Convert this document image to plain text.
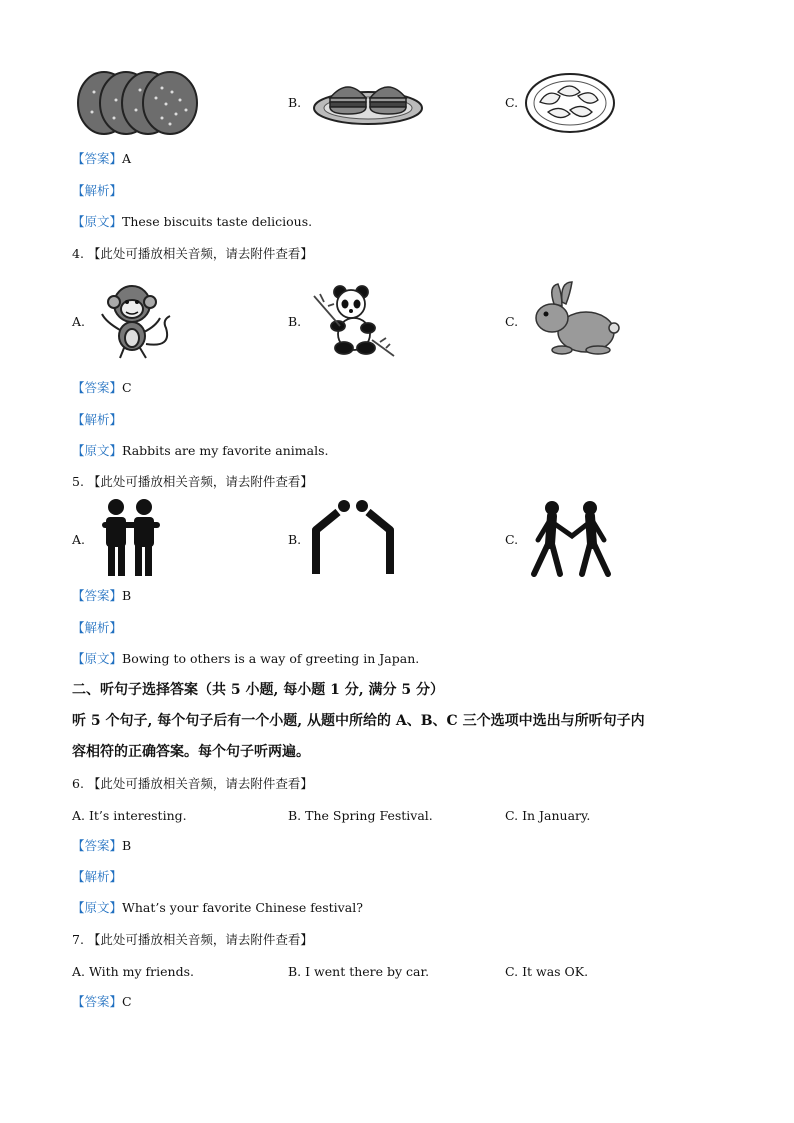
B.	C.
【答案】A
【解析】
【原文】These biscuits taste delicious.
4. 【此处可播放相关音频，请去附件查看】
A.	B.	C.
【答案】C
【解析】
【原文】Rabbits are my favorite animals.
5. 【此处可播放相关音频，请去附件查看】
A.	B.	C.
【答案】B
【解析】
【原文】Bowing to others is a way of greeting in Japan.
二、听句子选择答案（共 5 小题, 每小题 1 分, 满分 5 分）
听 5 个句子, 每个句子后有一个小题, 从题中所给的 A、B、C 三个选项中选出与所听句子内
容相符的正确答案。每个句子听两遍。
6. 【此处可播放相关音频，请去附件查看】
A. It’s interesting.	B. The Spring Festival.	C. In January.
【答案】B
【解析】
【原文】What’s your favorite Chinese festival?
7. 【此处可播放相关音频，请去附件查看】
A. With my friends.	B. I went there by car.	C. It was OK.
【答案】C
